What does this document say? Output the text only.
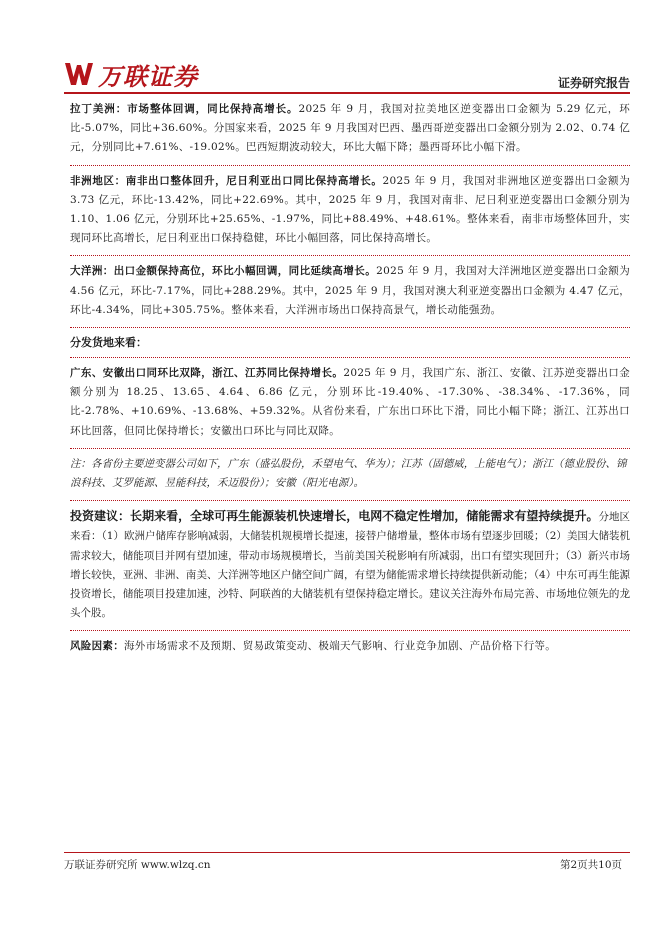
万联证券	证券研究报告

拉丁美洲：市场整体回调，同比保持高增长。2025 年 9 月，我国对拉美地区逆变器出口金额为 5.29 亿元，环比-5.07%，同比+36.60%。分国家来看，2025 年 9 月我国对巴西、墨西哥逆变器出口金额分别为 2.02、0.74 亿元，分别同比+7.61%、-19.02%。巴西短期波动较大，环比大幅下降；墨西哥环比小幅下滑。

非洲地区：南非出口整体回升，尼日利亚出口同比保持高增长。2025 年 9 月，我国对非洲地区逆变器出口金额为 3.73 亿元，环比-13.42%，同比+22.69%。其中，2025 年 9 月，我国对南非、尼日利亚逆变器出口金额分别为 1.10、1.06 亿元，分别环比+25.65%、-1.97%，同比+88.49%、+48.61%。整体来看，南非市场整体回升，实现同环比高增长，尼日利亚出口保持稳健，环比小幅回落，同比保持高增长。

大洋洲：出口金额保持高位，环比小幅回调，同比延续高增长。2025 年 9 月，我国对大洋洲地区逆变器出口金额为 4.56 亿元，环比-7.17%，同比+288.29%。其中，2025 年 9 月，我国对澳大利亚逆变器出口金额为 4.47 亿元，环比-4.34%，同比+305.75%。整体来看，大洋洲市场出口保持高景气，增长动能强劲。

分发货地来看：

广东、安徽出口同环比双降，浙江、江苏同比保持增长。2025 年 9 月，我国广东、浙江、安徽、江苏逆变器出口金额分别为 18.25、13.65、4.64、6.86 亿元，分别环比-19.40%、-17.30%、-38.34%、-17.36%，同比-2.78%、+10.69%、-13.68%、+59.32%。从省份来看，广东出口环比下滑，同比小幅下降；浙江、江苏出口环比回落，但同比保持增长；安徽出口环比与同比双降。

注：各省份主要逆变器公司如下，广东（盛弘股份，禾望电气、华为）；江苏（固德威，上能电气）；浙江（德业股份、锦浪科技、艾罗能源、昱能科技，禾迈股份）；安徽（阳光电源）。

投资建议：长期来看，全球可再生能源装机快速增长，电网不稳定性增加，储能需求有望持续提升。分地区来看：（1）欧洲户储库存影响减弱，大储装机规模增长提速，接替户储增量，整体市场有望逐步回暖；（2）美国大储装机需求较大，储能项目并网有望加速，带动市场规模增长，当前美国关税影响有所减弱，出口有望实现回升；（3）新兴市场增长较快，亚洲、非洲、南美、大洋洲等地区户储空间广阔，有望为储能需求增长持续提供新动能；（4）中东可再生能源投资增长，储能项目投建加速，沙特、阿联酋的大储装机有望保持稳定增长。建议关注海外布局完善、市场地位领先的龙头个股。

风险因素：海外市场需求不及预期、贸易政策变动、极端天气影响、行业竞争加剧、产品价格下行等。

万联证券研究所 www.wlzq.cn	第2页共10页
